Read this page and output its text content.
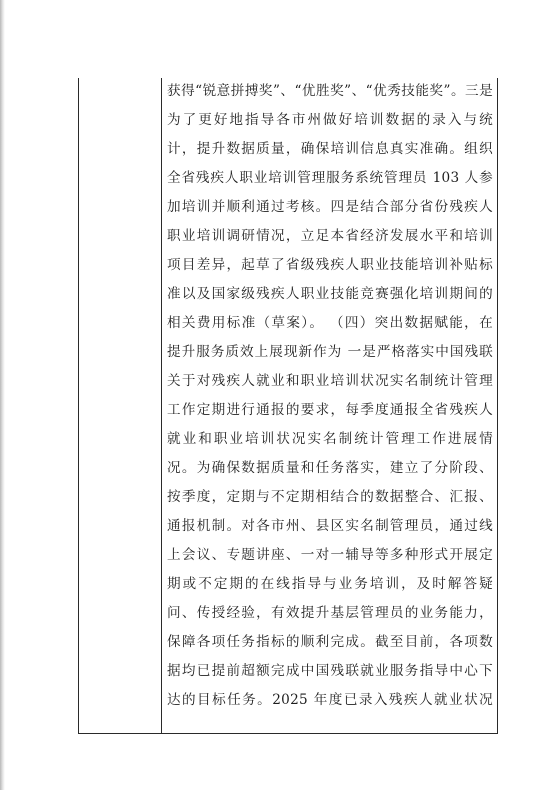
获得“锐意拼搏奖”、“优胜奖”、“优秀技能奖”。三是
为了更好地指导各市州做好培训数据的录入与统
计，提升数据质量，确保培训信息真实准确。组织
全省残疾人职业培训管理服务系统管理员 103 人参
加培训并顺利通过考核。四是结合部分省份残疾人
职业培训调研情况，立足本省经济发展水平和培训
项目差异，起草了省级残疾人职业技能培训补贴标
准以及国家级残疾人职业技能竞赛强化培训期间的
相关费用标准（草案）。 （四）突出数据赋能，在
提升服务质效上展现新作为 一是严格落实中国残联
关于对残疾人就业和职业培训状况实名制统计管理
工作定期进行通报的要求，每季度通报全省残疾人
就业和职业培训状况实名制统计管理工作进展情
况。为确保数据质量和任务落实，建立了分阶段、
按季度，定期与不定期相结合的数据整合、汇报、
通报机制。对各市州、县区实名制管理员，通过线
上会议、专题讲座、一对一辅导等多种形式开展定
期或不定期的在线指导与业务培训，及时解答疑
问、传授经验，有效提升基层管理员的业务能力，
保障各项任务指标的顺利完成。截至目前，各项数
据均已提前超额完成中国残联就业服务指导中心下
达的目标任务。2025 年度已录入残疾人就业状况
